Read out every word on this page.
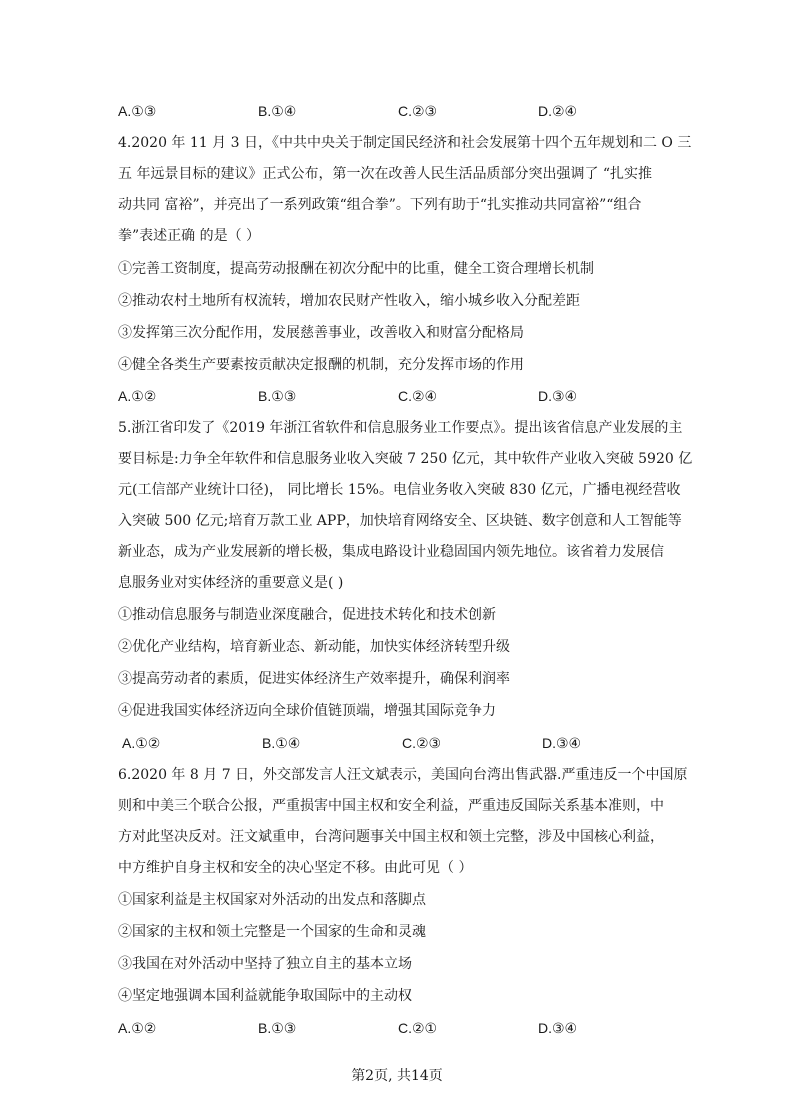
A.①③	B.①④	C.②③	D.②④
4.2020 年 11 月 3 日，《中共中央关于制定国民经济和社会发展第十四个五年规划和二 O 三
五 年远景目标的建议》正式公布，第一次在改善人民生活品质部分突出强调了 “扎实推
动共同 富裕”，并亮出了一系列政策“组合拳”。下列有助于“扎实推动共同富裕”“组合
拳”表述正确 的是（ ）
①完善工资制度，提高劳动报酬在初次分配中的比重，健全工资合理增长机制
②推动农村土地所有权流转，增加农民财产性收入，缩小城乡收入分配差距
③发挥第三次分配作用，发展慈善事业，改善收入和财富分配格局
④健全各类生产要素按贡献决定报酬的机制，充分发挥市场的作用
A.①②	B.①③	C.②④	D.③④
5.浙江省印发了《2019 年浙江省软件和信息服务业工作要点》。提出该省信息产业发展的主
要目标是:力争全年软件和信息服务业收入突破 7 250 亿元，其中软件产业收入突破 5920 亿
元(工信部产业统计口径)， 同比增长 15%。电信业务收入突破 830 亿元，广播电视经营收
入突破 500 亿元;培育万款工业 APP，加快培育网络安全、区块链、数字创意和人工智能等
新业态，成为产业发展新的增长极，集成电路设计业稳固国内领先地位。该省着力发展信
息服务业对实体经济的重要意义是( )
①推动信息服务与制造业深度融合，促进技术转化和技术创新
②优化产业结构，培育新业态、新动能，加快实体经济转型升级
③提高劳动者的素质，促进实体经济生产效率提升，确保利润率
④促进我国实体经济迈向全球价值链顶端，增强其国际竞争力
A.①②	B.①④	C.②③	D.③④
6.2020 年 8 月 7 日，外交部发言人汪文斌表示，美国向台湾出售武器.严重违反一个中国原
则和中美三个联合公报，严重损害中国主权和安全利益，严重违反国际关系基本准则，中
方对此坚决反对。汪文斌重申，台湾问题事关中国主权和领土完整，涉及中国核心利益，
中方维护自身主权和安全的决心坚定不移。由此可见（ ）
①国家利益是主权国家对外活动的出发点和落脚点
②国家的主权和领土完整是一个国家的生命和灵魂
③我国在对外活动中坚持了独立自主的基本立场
④坚定地强调本国利益就能争取国际中的主动权
A.①②	B.①③	C.②①	D.③④
第2页, 共14页
